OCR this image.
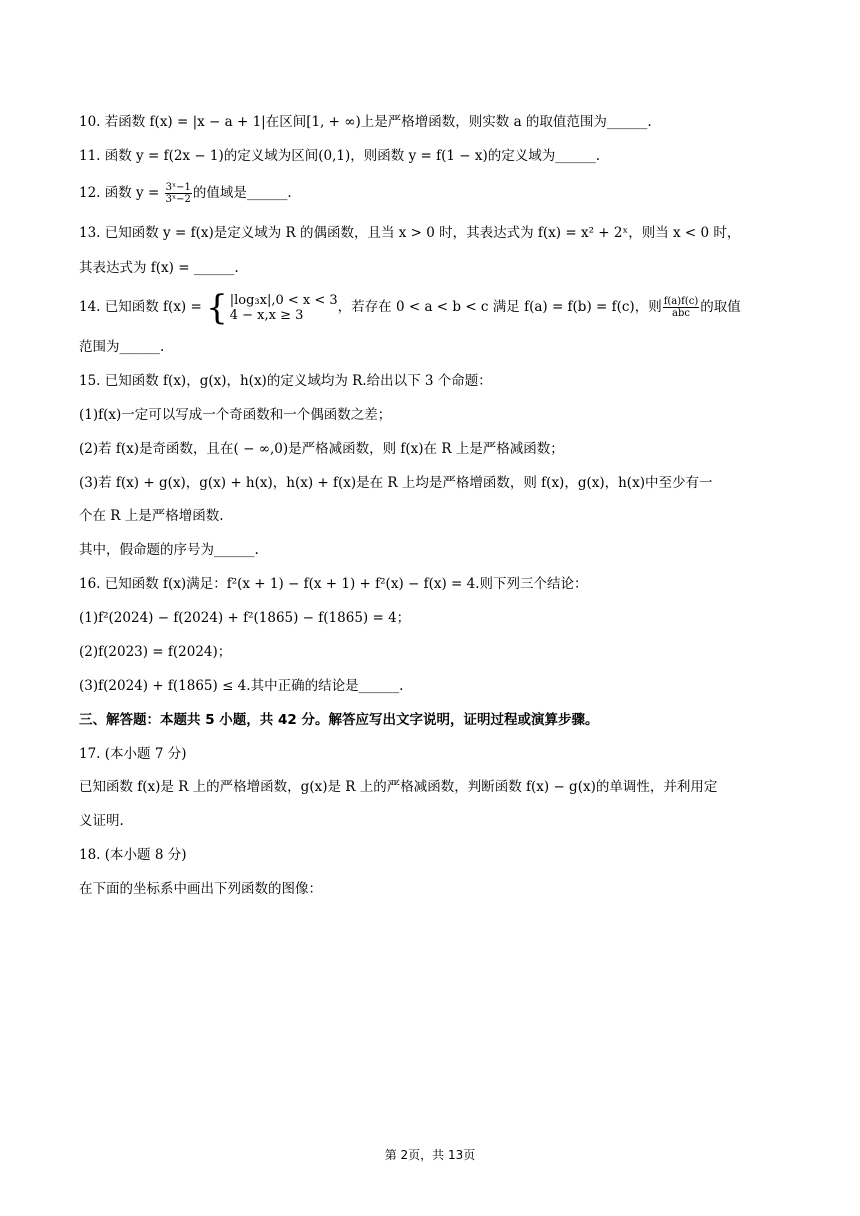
10. 若函数 f(x) = |x − a + 1|在区间[1, + ∞)上是严格增函数，则实数 a 的取值范围为______.
11. 函数 y = f(2x − 1)的定义域为区间(0,1)，则函数 y = f(1 − x)的定义域为______.
12. 函数 $y = \frac{\text{3ˣ−1}}{\text{3ˣ−2}}$ 的值域是______.
13. 已知函数 y = f(x)是定义域为 R 的偶函数，且当 x > 0 时，其表达式为 f(x) = x² + 2ˣ，则当 x < 0 时，
其表达式为 f(x) = ______.
14. 已知函数 f(x) = { |log₃x|,0 < x < 3
4 − x,x ≥ 3	，若存在 0 < a < b < c 满足 f(a) = f(b) = f(c)，则 $\frac{f(a)f(c)}{\text{abc}}$ 的取值
范围为______.
15. 已知函数 f(x)，g(x)，h(x)的定义域均为 R.给出以下 3 个命题：
(1)f(x)一定可以写成一个奇函数和一个偶函数之差；
(2)若 f(x)是奇函数，且在( − ∞,0)是严格减函数，则 f(x)在 R 上是严格减函数；
(3)若 f(x) + g(x)，g(x) + h(x)，h(x) + f(x)是在 R 上均是严格增函数，则 f(x)，g(x)，h(x)中至少有一
个在 R 上是严格增函数.
其中，假命题的序号为______.
16. 已知函数 f(x)满足：f²(x + 1) − f(x + 1) + f²(x) − f(x) = 4.则下列三个结论：
(1)f²(2024) − f(2024) + f²(1865) − f(1865) = 4；
(2)f(2023) = f(2024)；
(3)f(2024) + f(1865) ≤ 4.其中正确的结论是______.
三、解答题：本题共 5 小题，共 42 分。解答应写出文字说明，证明过程或演算步骤。
17. (本小题 7 分)
已知函数 f(x)是 R 上的严格增函数，g(x)是 R 上的严格减函数，判断函数 f(x) − g(x)的单调性，并利用定
义证明.
18. (本小题 8 分)
在下面的坐标系中画出下列函数的图像：
第 2页，共 13页
